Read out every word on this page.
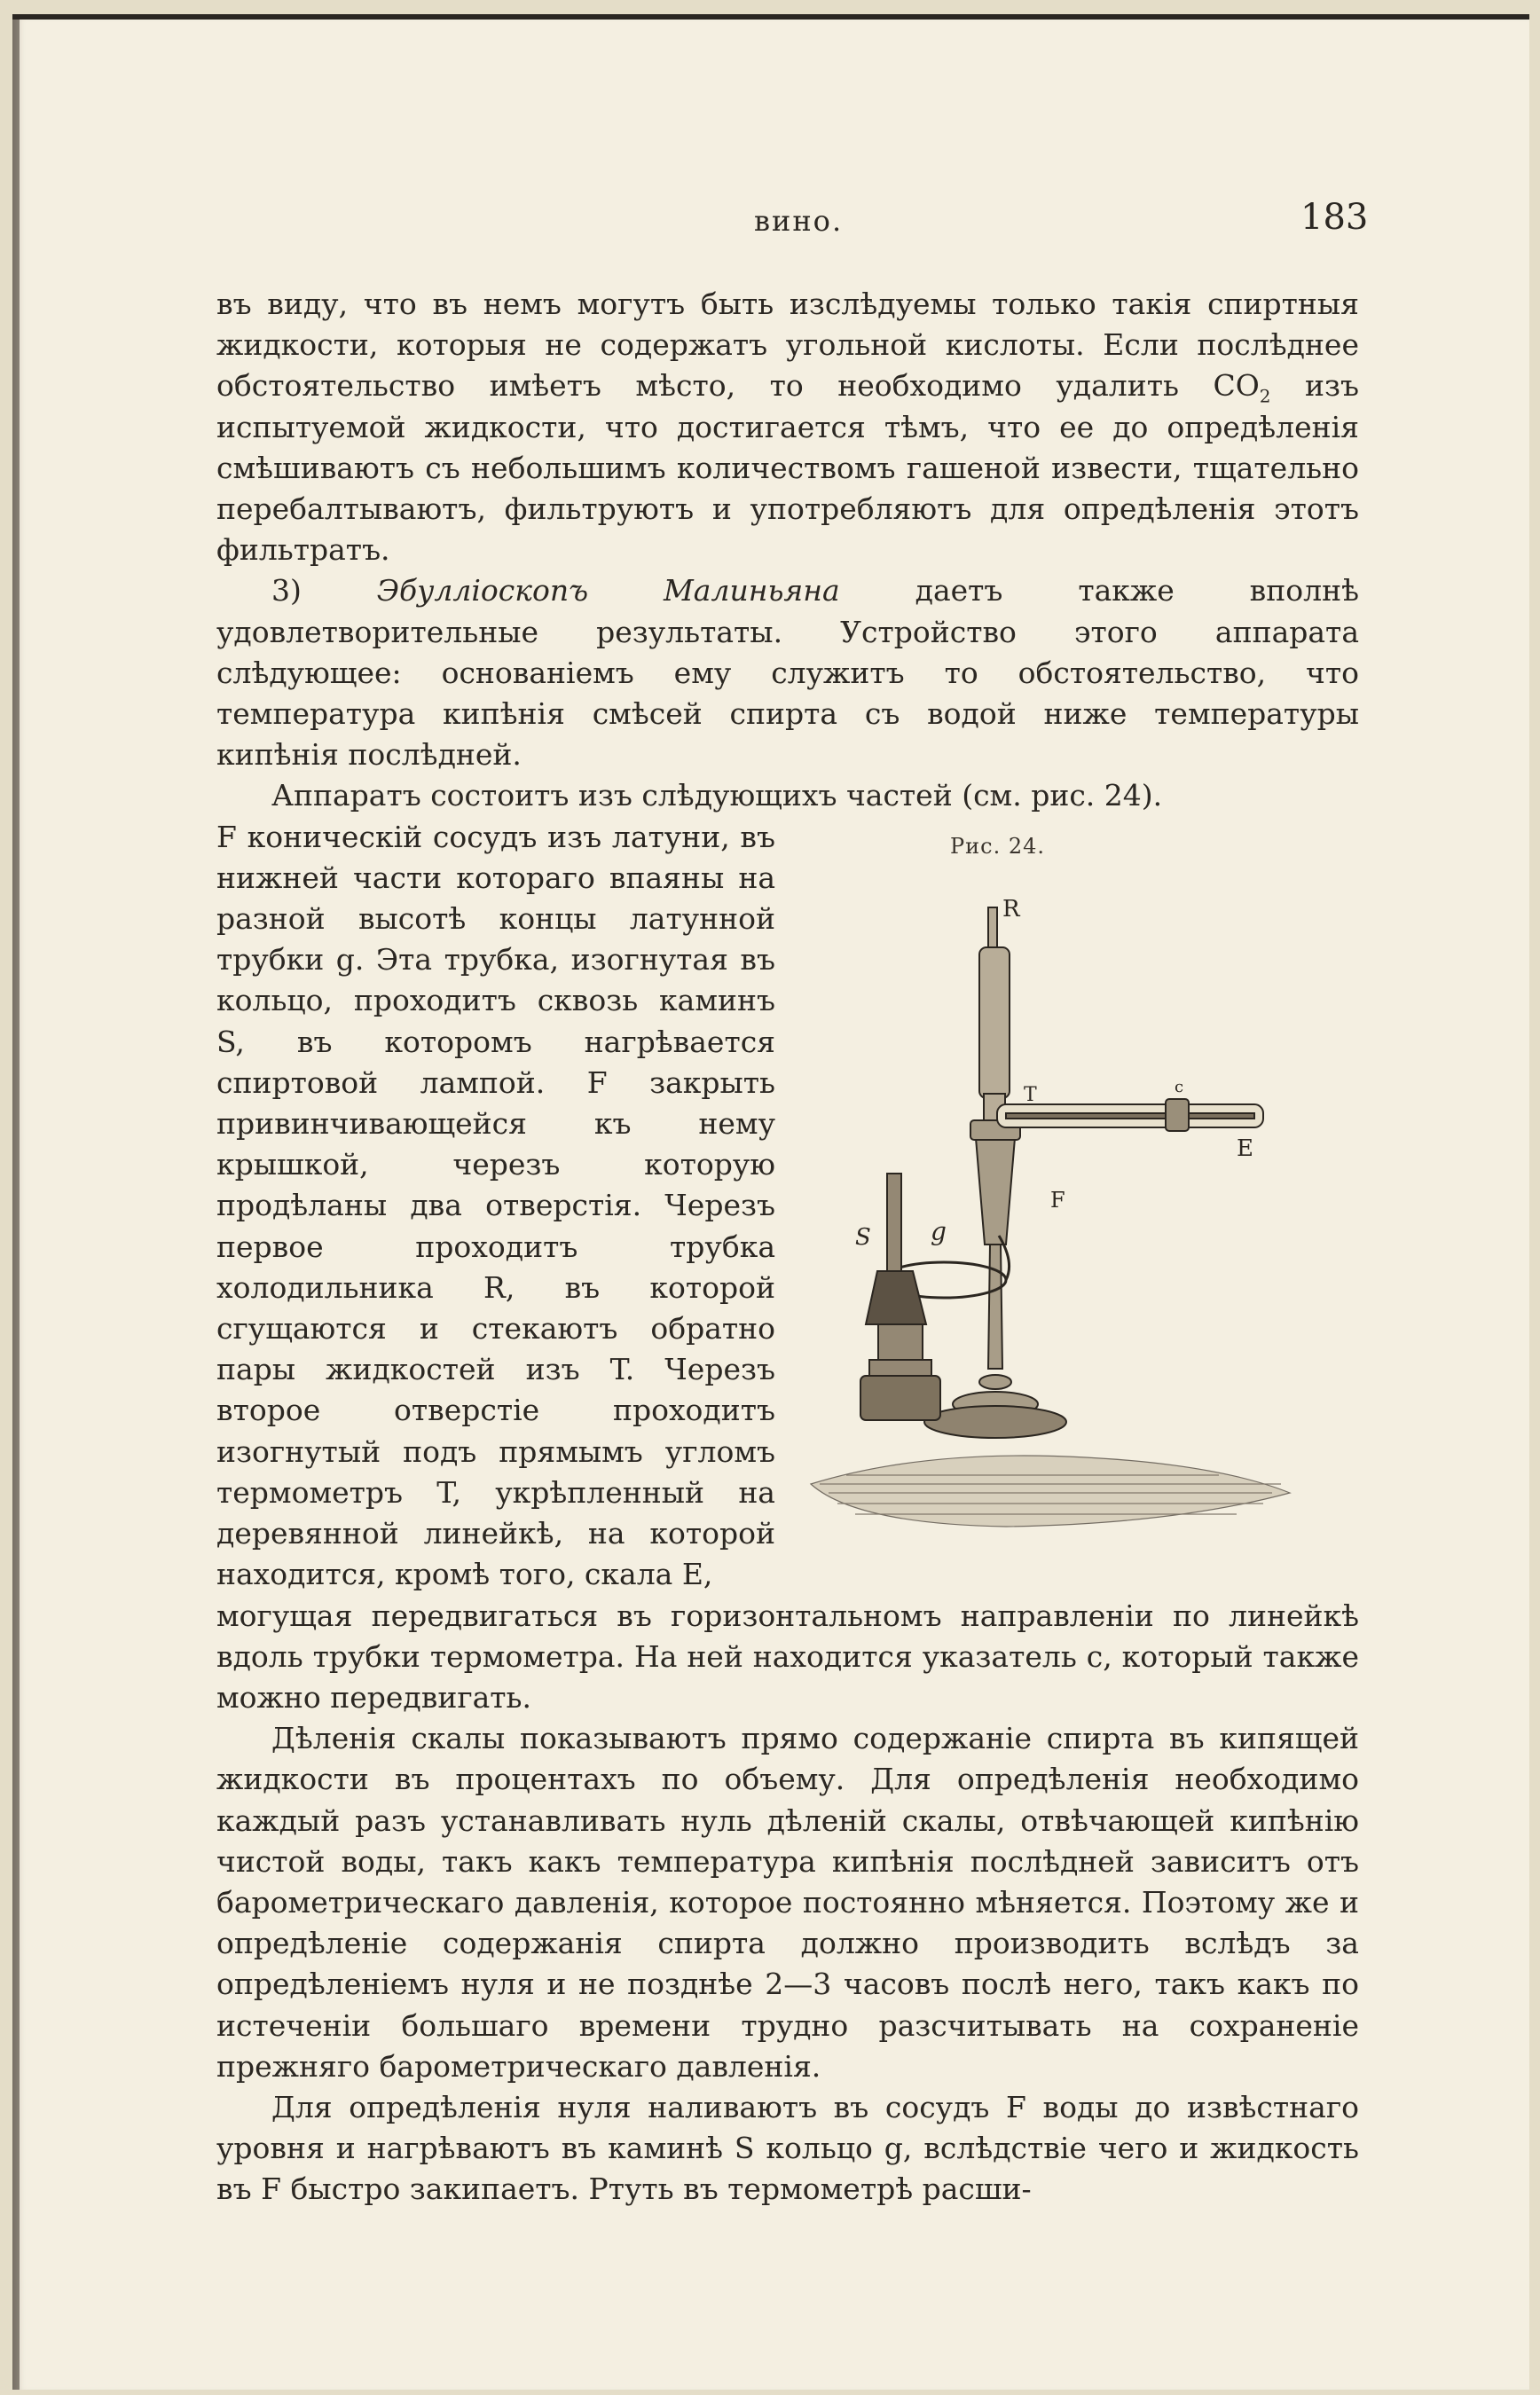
вино.	183

въ виду, что въ немъ могутъ быть изслѣдуемы только такія спиртныя жидкости, которыя не содержатъ угольной кислоты. Если послѣднее обстоятельство имѣетъ мѣсто, то необходимо удалить $CO_2$ изъ испытуемой жидкости, что достигается тѣмъ, что ее до опредѣленія смѣшиваютъ съ небольшимъ количествомъ гашеной извести, тщательно перебалтываютъ, фильтруютъ и употребляютъ для опредѣленія этотъ фильтратъ.

3) Эбулліоскопъ Малиньяна даетъ также вполнѣ удовлетворительные результаты. Устройство этого аппарата слѣдующее: основаніемъ ему служитъ то обстоятельство, что температура кипѣнія смѣсей спирта съ водой ниже температуры кипѣнія послѣдней.

Аппаратъ состоитъ изъ слѣдующихъ частей (см. рис. 24).

F коническій сосудъ изъ латуни, въ нижней части котораго впаяны на разной высотѣ концы латунной трубки g. Эта трубка, изогнутая въ кольцо, проходитъ сквозь каминъ S, въ которомъ нагрѣвается спиртовой лампой. F закрыть привинчивающейся къ нему крышкой, черезъ которую продѣланы два отверстія. Черезъ первое проходитъ трубка холодильника R, въ которой сгущаются и стекаютъ обратно пары жидкостей изъ T. Черезъ второе отверстіе проходитъ изогнутый подъ прямымъ угломъ термометръ T, укрѣпленный на деревянной линейкѣ, на которой находится, кромѣ того, скала E,

Рис. 24.
R
T	c
E
F
S g

могущая передвигаться въ горизонтальномъ направленіи по линейкѣ вдоль трубки термометра. На ней находится указатель c, который также можно передвигать.

Дѣленія скалы показываютъ прямо содержаніе спирта въ кипящей жидкости въ процентахъ по объему. Для опредѣленія необходимо каждый разъ устанавливать нуль дѣленій скалы, отвѣчающей кипѣнію чистой воды, такъ какъ температура кипѣнія послѣдней зависитъ отъ барометрическаго давленія, которое постоянно мѣняется. Поэтому же и опредѣленіе содержанія спирта должно производить вслѣдъ за опредѣленіемъ нуля и не позднѣе 2—3 часовъ послѣ него, такъ какъ по истеченіи большаго времени трудно разсчитывать на сохраненіе прежняго барометрическаго давленія.

Для опредѣленія нуля наливаютъ въ сосудъ F воды до извѣстнаго уровня и нагрѣваютъ въ каминѣ S кольцо g, вслѣдствіе чего и жидкость въ F быстро закипаетъ. Ртуть въ термометрѣ расши-
